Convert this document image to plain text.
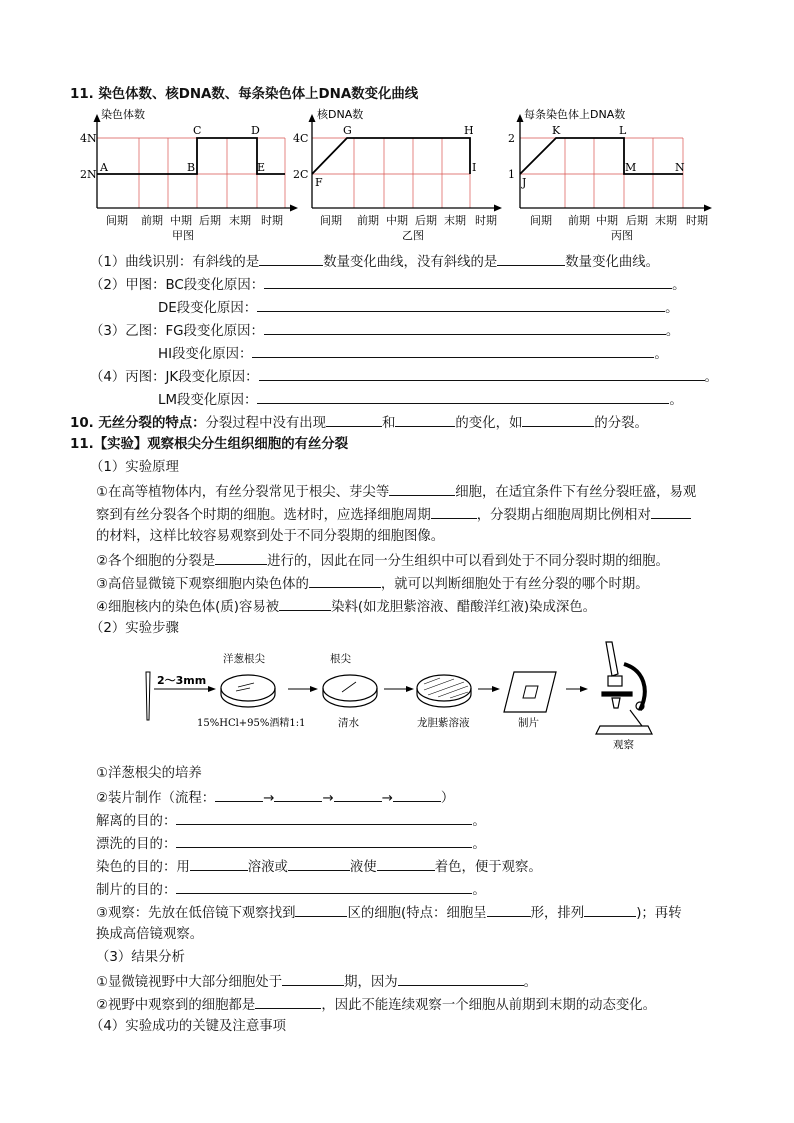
11. 染色体数、核DNA数、每条染色体上DNA数变化曲线
染色体数
4N
2N
A	B
C	D
E
间期 前期 中期 后期 末期 时期
甲图
核DNA数
4C
2C
F
G	H
I
间期 前期 中期 后期 末期 时期
乙图
每条染色体上DNA数
2
1
J
K	L
M	N
间期 前期 中期 后期 末期 时期
丙图
（1）曲线识别：有斜线的是	数量变化曲线，没有斜线的是	数量变化曲线。
（2）甲图：BC段变化原因：	。
DE段变化原因：	。
（3）乙图：FG段变化原因：	。
HI段变化原因：	。
（4）丙图：JK段变化原因：	。
LM段变化原因：	。
10. 无丝分裂的特点：分裂过程中没有出现	和	的变化，如	的分裂。
11.【实验】观察根尖分生组织细胞的有丝分裂
（1）实验原理
①在高等植物体内，有丝分裂常见于根尖、芽尖等	细胞，在适宜条件下有丝分裂旺盛，易观
察到有丝分裂各个时期的细胞。选材时，应选择细胞周期	，分裂期占细胞周期比例相对
的材料，这样比较容易观察到处于不同分裂期的细胞图像。
②各个细胞的分裂是	进行的，因此在同一分生组织中可以看到处于不同分裂时期的细胞。
③高倍显微镜下观察细胞内染色体的	，就可以判断细胞处于有丝分裂的哪个时期。
④细胞核内的染色体(质)容易被	染料(如龙胆紫溶液、醋酸洋红液)染成深色。
（2）实验步骤
2～3mm
洋葱根尖
15%HCl+95%酒精1:1
根尖
清水	龙胆紫溶液	制片
观察
①洋葱根尖的培养
②装片制作（流程：	→	→	→	）
解离的目的：	。
漂洗的目的：	。
染色的目的：用	溶液或	液使	着色，便于观察。
制片的目的：	。
③观察：先放在低倍镜下观察找到	区的细胞(特点：细胞呈	形，排列	)；再转
换成高倍镜观察。
（3）结果分析
①显微镜视野中大部分细胞处于	期，因为	。
②视野中观察到的细胞都是	，因此不能连续观察一个细胞从前期到末期的动态变化。
（4）实验成功的关键及注意事项
